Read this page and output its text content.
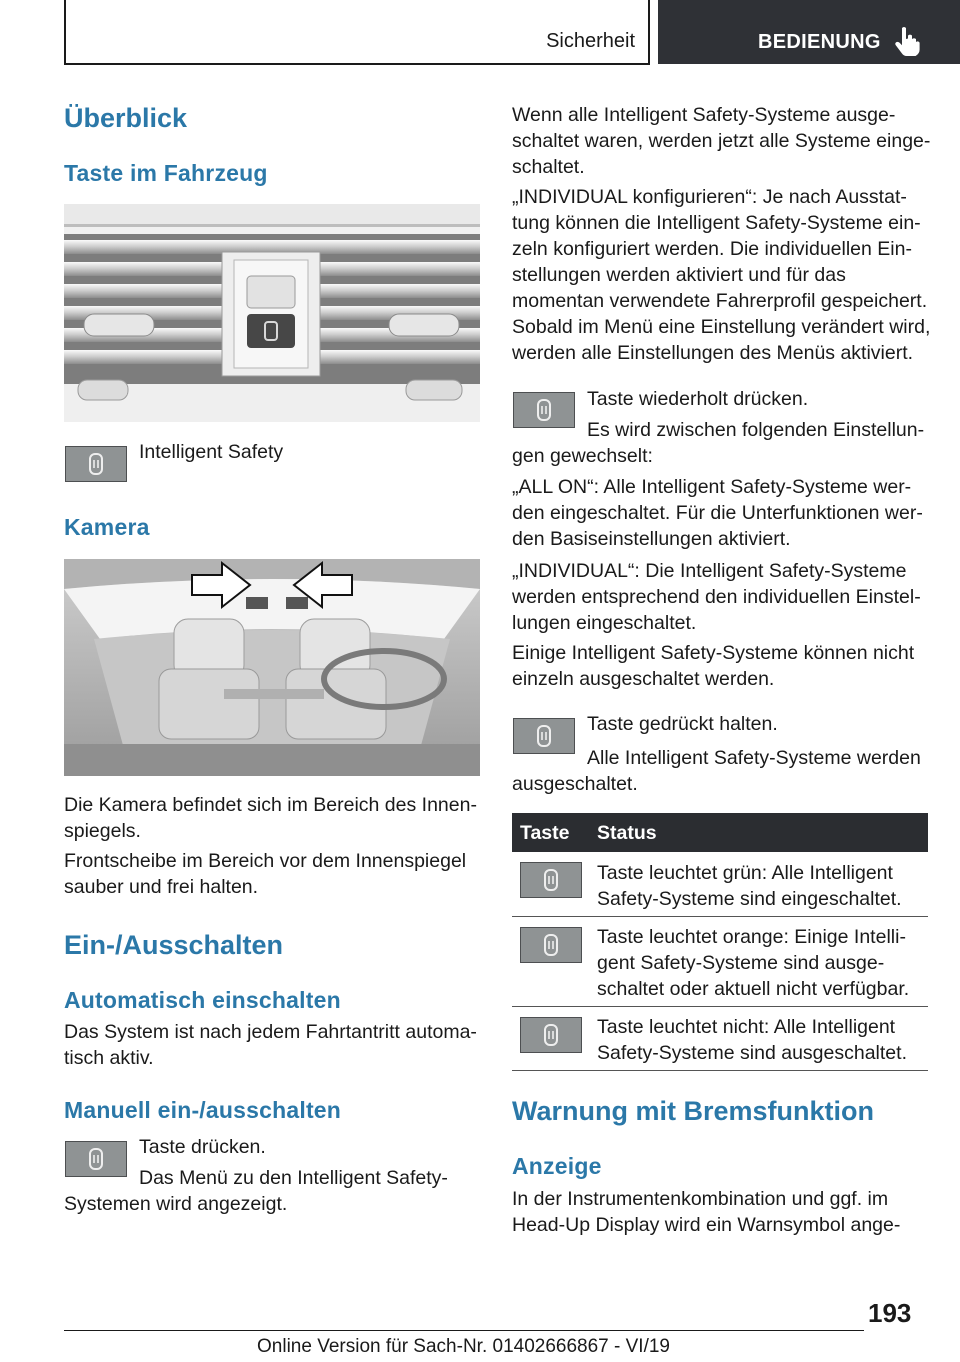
Sicherheit	BEDIENUNG
Überblick
Taste im Fahrzeug
Intelligent Safety
Kamera
Die Kamera befindet sich im Bereich des Innen-
spiegels.
Frontscheibe im Bereich vor dem Innenspiegel
sauber und frei halten.
Ein-/Ausschalten
Automatisch einschalten
Das System ist nach jedem Fahrtantritt automa-
tisch aktiv.
Manuell ein-/ausschalten
Taste drücken.
Das Menü zu den Intelligent Safety-
Systemen wird angezeigt.
Wenn alle Intelligent Safety-Systeme ausge-
schaltet waren, werden jetzt alle Systeme einge-
schaltet.
„INDIVIDUAL konfigurieren“: Je nach Ausstat-
tung können die Intelligent Safety-Systeme ein-
zeln konfiguriert werden. Die individuellen Ein-
stellungen werden aktiviert und für das
momentan verwendete Fahrerprofil gespeichert.
Sobald im Menü eine Einstellung verändert wird,
werden alle Einstellungen des Menüs aktiviert.
Taste wiederholt drücken.
Es wird zwischen folgenden Einstellun-
gen gewechselt:
„ALL ON“: Alle Intelligent Safety-Systeme wer-
den eingeschaltet. Für die Unterfunktionen wer-
den Basiseinstellungen aktiviert.
„INDIVIDUAL“: Die Intelligent Safety-Systeme
werden entsprechend den individuellen Einstel-
lungen eingeschaltet.
Einige Intelligent Safety-Systeme können nicht
einzeln ausgeschaltet werden.
Taste gedrückt halten.
Alle Intelligent Safety-Systeme werden
ausgeschaltet.
Taste Status
Taste leuchtet grün: Alle Intelligent
Safety-Systeme sind eingeschaltet.
Taste leuchtet orange: Einige Intelli-
gent Safety-Systeme sind ausge-
schaltet oder aktuell nicht verfügbar.
Taste leuchtet nicht: Alle Intelligent
Safety-Systeme sind ausgeschaltet.
Warnung mit Bremsfunktion
Anzeige
In der Instrumentenkombination und ggf. im
Head-Up Display wird ein Warnsymbol ange-
193
Online Version für Sach-Nr. 01402666867 - VI/19
